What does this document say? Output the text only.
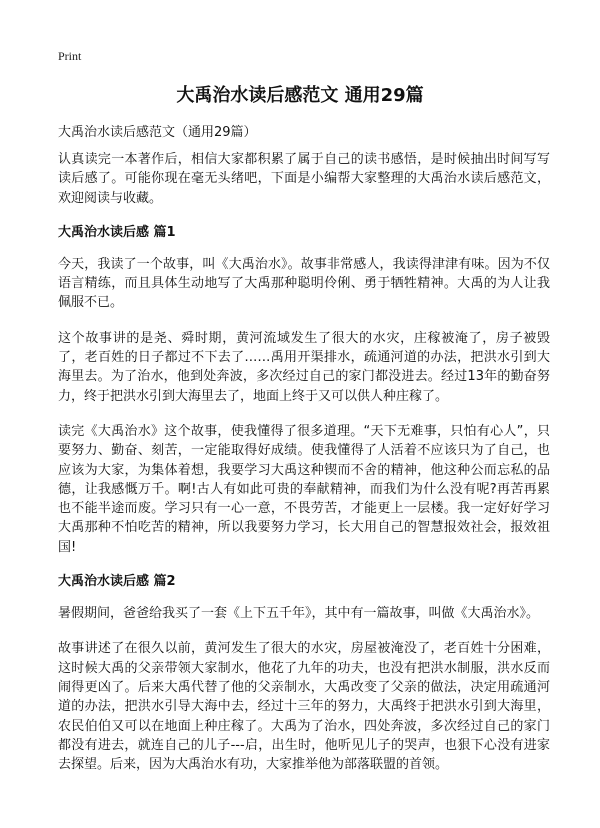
Print
大禹治水读后感范文 通用29篇
大禹治水读后感范文（通用29篇）

认真读完一本著作后，相信大家都积累了属于自己的读书感悟，是时候抽出时间写写读后感了。可能你现在毫无头绪吧，下面是小编帮大家整理的大禹治水读后感范文，欢迎阅读与收藏。

大禹治水读后感 篇1

今天，我读了一个故事，叫《大禹治水》。故事非常感人，我读得津津有味。因为不仅语言精练，而且具体生动地写了大禹那种聪明伶俐、勇于牺牲精神。大禹的为人让我佩服不已。

这个故事讲的是尧、舜时期，黄河流域发生了很大的水灾，庄稼被淹了，房子被毁了，老百姓的日子都过不下去了……禹用开渠排水，疏通河道的办法，把洪水引到大海里去。为了治水，他到处奔波，多次经过自己的家门都没进去。经过13年的勤奋努力，终于把洪水引到大海里去了，地面上终于又可以供人种庄稼了。

读完《大禹治水》这个故事，使我懂得了很多道理。“天下无难事，只怕有心人”，只要努力、勤奋、刻苦，一定能取得好成绩。使我懂得了人活着不应该只为了自己，也应该为大家，为集体着想，我要学习大禹这种锲而不舍的精神，他这种公而忘私的品德，让我感慨万千。啊!古人有如此可贵的奉献精神，而我们为什么没有呢?再苦再累也不能半途而废。学习只有一心一意，不畏劳苦，才能更上一层楼。我一定好好学习大禹那种不怕吃苦的精神，所以我要努力学习，长大用自己的智慧报效社会，报效祖国!

大禹治水读后感 篇2

暑假期间，爸爸给我买了一套《上下五千年》，其中有一篇故事，叫做《大禹治水》。

故事讲述了在很久以前，黄河发生了很大的水灾，房屋被淹没了，老百姓十分困难，这时候大禹的父亲带领大家制水，他花了九年的功夫，也没有把洪水制服，洪水反而闹得更凶了。后来大禹代替了他的父亲制水，大禹改变了父亲的做法，决定用疏通河道的办法，把洪水引导大海中去，经过十三年的努力，大禹终于把洪水引到大海里，农民伯伯又可以在地面上种庄稼了。大禹为了治水，四处奔波，多次经过自己的家门都没有进去，就连自己的儿子---启，出生时，他听见儿子的哭声，也狠下心没有进家去探望。后来，因为大禹治水有功，大家推举他为部落联盟的首领。
